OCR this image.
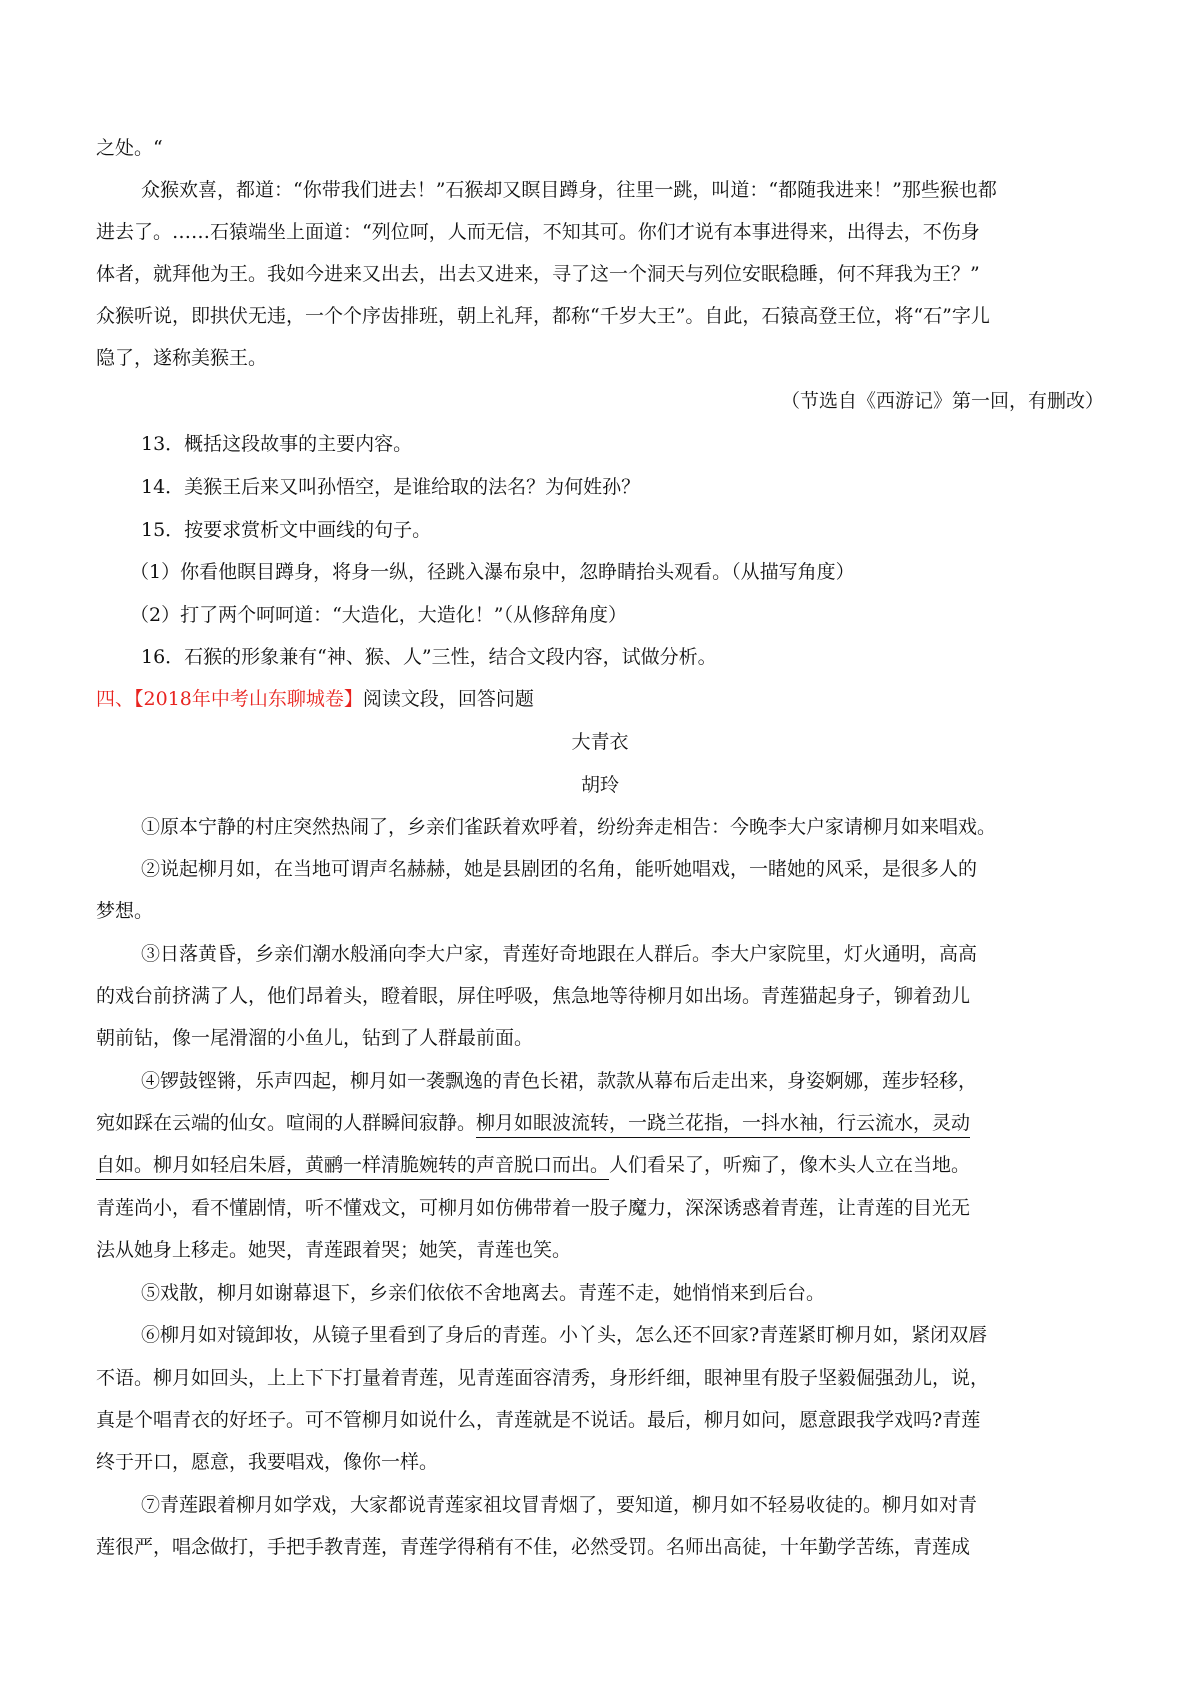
之处。“
众猴欢喜，都道：“你带我们进去！”石猴却又瞑目蹲身，往里一跳，叫道：“都随我进来！”那些猴也都
进去了。……石猿端坐上面道：“列位呵，人而无信，不知其可。你们才说有本事进得来，出得去，不伤身
体者，就拜他为王。我如今进来又出去，出去又进来，寻了这一个洞天与列位安眠稳睡，何不拜我为王？”
众猴听说，即拱伏无违，一个个序齿排班，朝上礼拜，都称“千岁大王”。自此，石猿高登王位，将“石”字儿
隐了，遂称美猴王。
（节选自《西游记》第一回，有删改）
13．概括这段故事的主要内容。
14．美猴王后来又叫孙悟空，是谁给取的法名？为何姓孙？
15．按要求赏析文中画线的句子。
（1）你看他瞑目蹲身，将身一纵，径跳入瀑布泉中，忽睁睛抬头观看。（从描写角度）
（2）打了两个呵呵道：“大造化，大造化！”（从修辞角度）
16．石猴的形象兼有“神、猴、人”三性，结合文段内容，试做分析。
四、【2018年中考山东聊城卷】阅读文段，回答问题
大青衣
胡玲
①原本宁静的村庄突然热闹了，乡亲们雀跃着欢呼着，纷纷奔走相告：今晚李大户家请柳月如来唱戏。
②说起柳月如，在当地可谓声名赫赫，她是县剧团的名角，能听她唱戏，一睹她的风采，是很多人的
梦想。
③日落黄昏，乡亲们潮水般涌向李大户家，青莲好奇地跟在人群后。李大户家院里，灯火通明，高高
的戏台前挤满了人，他们昂着头，瞪着眼，屏住呼吸，焦急地等待柳月如出场。青莲猫起身子，铆着劲儿
朝前钻，像一尾滑溜的小鱼儿，钻到了人群最前面。
④锣鼓铿锵，乐声四起，柳月如一袭飘逸的青色长裙，款款从幕布后走出来，身姿婀娜，莲步轻移，
宛如踩在云端的仙女。喧闹的人群瞬间寂静。柳月如眼波流转，一跷兰花指，一抖水袖，行云流水，灵动
自如。柳月如轻启朱唇，黄鹂一样清脆婉转的声音脱口而出。人们看呆了，听痴了，像木头人立在当地。
青莲尚小，看不懂剧情，听不懂戏文，可柳月如仿佛带着一股子魔力，深深诱惑着青莲，让青莲的目光无
法从她身上移走。她哭，青莲跟着哭；她笑，青莲也笑。
⑤戏散，柳月如谢幕退下，乡亲们依依不舍地离去。青莲不走，她悄悄来到后台。
⑥柳月如对镜卸妆，从镜子里看到了身后的青莲。小丫头，怎么还不回家?青莲紧盯柳月如，紧闭双唇
不语。柳月如回头，上上下下打量着青莲，见青莲面容清秀，身形纤细，眼神里有股子坚毅倔强劲儿，说，
真是个唱青衣的好坯子。可不管柳月如说什么，青莲就是不说话。最后，柳月如问，愿意跟我学戏吗?青莲
终于开口，愿意，我要唱戏，像你一样。
⑦青莲跟着柳月如学戏，大家都说青莲家祖坟冒青烟了，要知道，柳月如不轻易收徒的。柳月如对青
莲很严，唱念做打，手把手教青莲，青莲学得稍有不佳，必然受罚。名师出高徒，十年勤学苦练，青莲成
